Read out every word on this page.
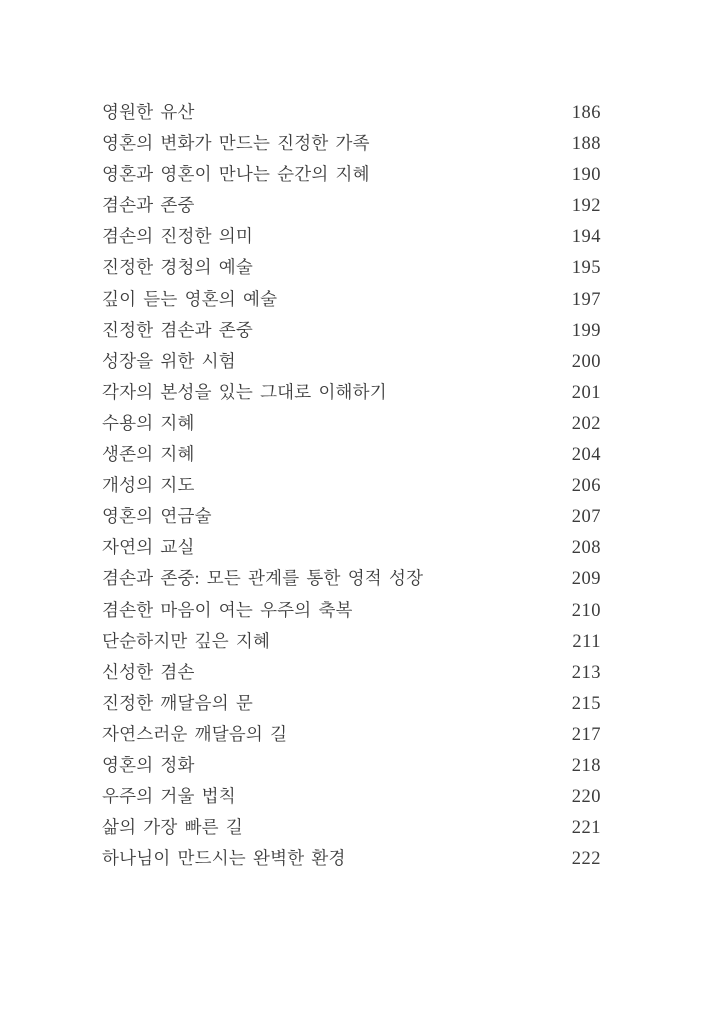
영원한 유산	186
영혼의 변화가 만드는 진정한 가족	188
영혼과 영혼이 만나는 순간의 지혜	190
겸손과 존중	192
겸손의 진정한 의미	194
진정한 경청의 예술	195
깊이 듣는 영혼의 예술	197
진정한 겸손과 존중	199
성장을 위한 시험	200
각자의 본성을 있는 그대로 이해하기	201
수용의 지혜	202
생존의 지혜	204
개성의 지도	206
영혼의 연금술	207
자연의 교실	208
겸손과 존중: 모든 관계를 통한 영적 성장	209
겸손한 마음이 여는 우주의 축복	210
단순하지만 깊은 지혜	211
신성한 겸손	213
진정한 깨달음의 문	215
자연스러운 깨달음의 길	217
영혼의 정화	218
우주의 거울 법칙	220
삶의 가장 빠른 길	221
하나님이 만드시는 완벽한 환경	222
